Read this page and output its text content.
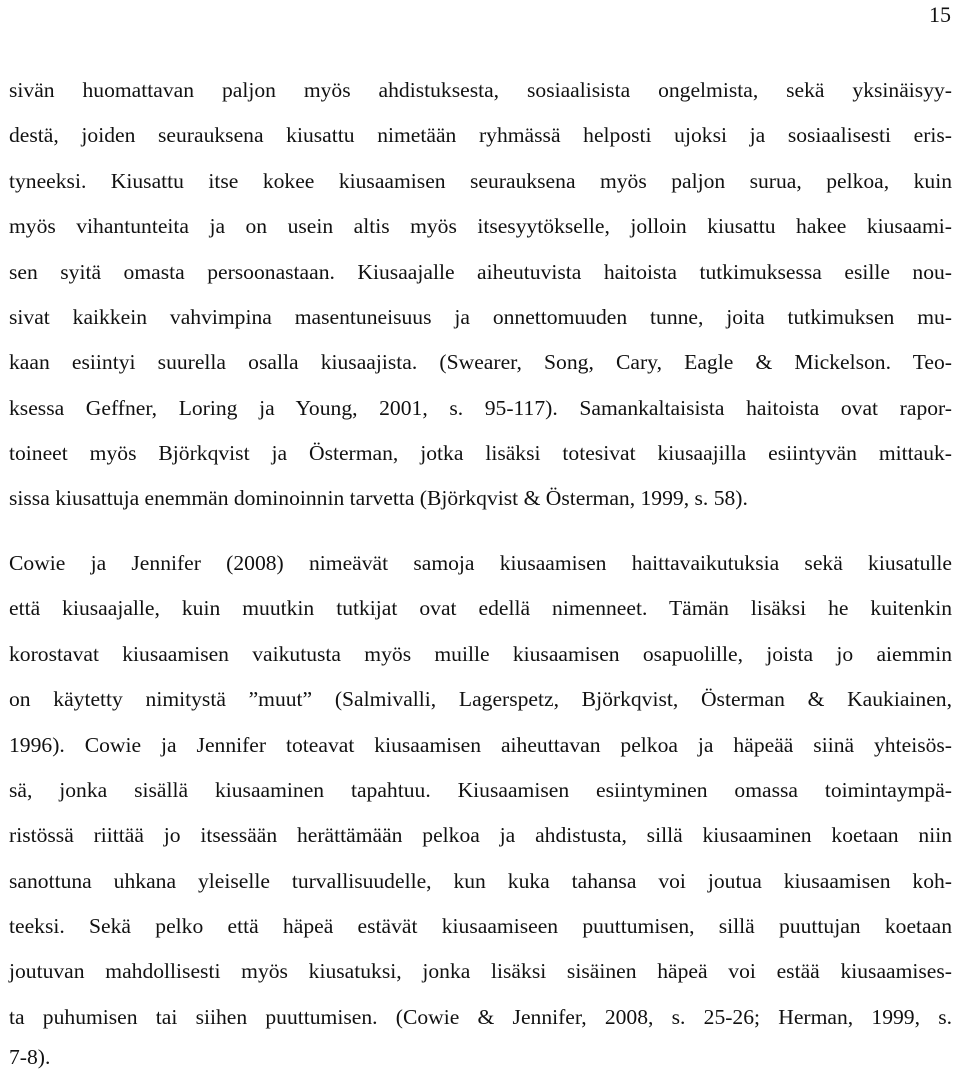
15
sivän huomattavan paljon myös ahdistuksesta, sosiaalisista ongelmista, sekä yksinäisyy-
destä, joiden seurauksena kiusattu nimetään ryhmässä helposti ujoksi ja sosiaalisesti eris-
tyneeksi. Kiusattu itse kokee kiusaamisen seurauksena myös paljon surua, pelkoa, kuin
myös vihantunteita ja on usein altis myös itsesyytökselle, jolloin kiusattu hakee kiusaami-
sen syitä omasta persoonastaan. Kiusaajalle aiheutuvista haitoista tutkimuksessa esille nou-
sivat kaikkein vahvimpina masentuneisuus ja onnettomuuden tunne, joita tutkimuksen mu-
kaan esiintyi suurella osalla kiusaajista. (Swearer, Song, Cary, Eagle & Mickelson. Teo-
ksessa Geffner, Loring ja Young, 2001, s. 95-117). Samankaltaisista haitoista ovat rapor-
toineet myös Björkqvist ja Österman, jotka lisäksi totesivat kiusaajilla esiintyvän mittauk-
sissa kiusattuja enemmän dominoinnin tarvetta (Björkqvist & Österman, 1999, s. 58).
Cowie ja Jennifer (2008) nimeävät samoja kiusaamisen haittavaikutuksia sekä kiusatulle
että kiusaajalle, kuin muutkin tutkijat ovat edellä nimenneet. Tämän lisäksi he kuitenkin
korostavat kiusaamisen vaikutusta myös muille kiusaamisen osapuolille, joista jo aiemmin
on käytetty nimitystä ”muut” (Salmivalli, Lagerspetz, Björkqvist, Österman & Kaukiainen,
1996). Cowie ja Jennifer toteavat kiusaamisen aiheuttavan pelkoa ja häpeää siinä yhteisös-
sä, jonka sisällä kiusaaminen tapahtuu. Kiusaamisen esiintyminen omassa toimintaympä-
ristössä riittää jo itsessään herättämään pelkoa ja ahdistusta, sillä kiusaaminen koetaan niin
sanottuna uhkana yleiselle turvallisuudelle, kun kuka tahansa voi joutua kiusaamisen koh-
teeksi. Sekä pelko että häpeä estävät kiusaamiseen puuttumisen, sillä puuttujan koetaan
joutuvan mahdollisesti myös kiusatuksi, jonka lisäksi sisäinen häpeä voi estää kiusaamises-
ta puhumisen tai siihen puuttumisen. (Cowie & Jennifer, 2008, s. 25-26; Herman, 1999, s.
7-8).
